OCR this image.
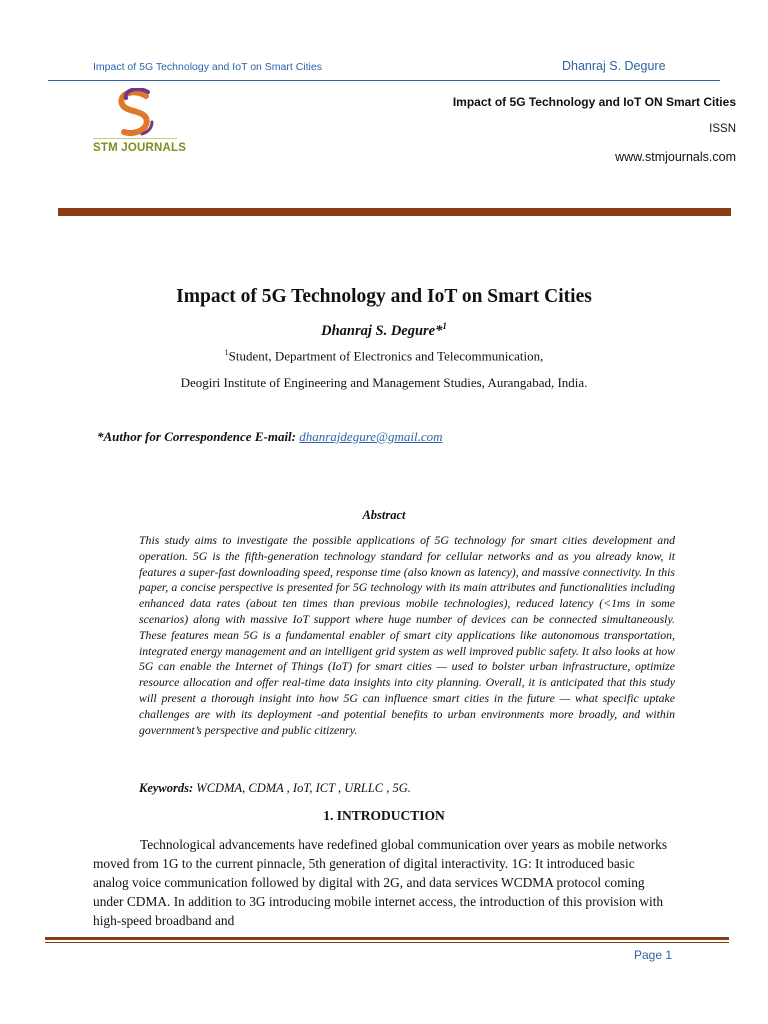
Impact of 5G Technology and IoT on Smart Cities	Dhanraj S. Degure
STM JOURNALS
Impact of 5G Technology and IoT ON Smart Cities
ISSN
www.stmjournals.com
Impact of 5G Technology and IoT on Smart Cities
Dhanraj S. Degure*$^1$
$^1$Student, Department of Electronics and Telecommunication,
Deogiri Institute of Engineering and Management Studies, Aurangabad, India.
*Author for Correspondence E-mail: dhanrajdegure@gmail.com
Abstract
This study aims to investigate the possible applications of 5G technology for smart cities development and operation. 5G is the fifth-generation technology standard for cellular networks and as you already know, it features a super-fast downloading speed, response time (also known as latency), and massive connectivity. In this paper, a concise perspective is presented for 5G technology with its main attributes and functionalities including enhanced data rates (about ten times than previous mobile technologies), reduced latency (<1ms in some scenarios) along with massive IoT support where huge number of devices can be connected simultaneously. These features mean 5G is a fundamental enabler of smart city applications like autonomous transportation, integrated energy management and an intelligent grid system as well improved public safety. It also looks at how 5G can enable the Internet of Things (IoT) for smart cities — used to bolster urban infrastructure, optimize resource allocation and offer real-time data insights into city planning. Overall, it is anticipated that this study will present a thorough insight into how 5G can influence smart cities in the future — what specific uptake challenges are with its deployment -and potential benefits to urban environments more broadly, and within government’s perspective and public citizenry.
Keywords: WCDMA, CDMA , IoT, ICT , URLLC , 5G.
1. INTRODUCTION
Technological advancements have redefined global communication over years as mobile networks moved from 1G to the current pinnacle, 5th generation of digital interactivity. 1G: It introduced basic analog voice communication followed by digital with 2G, and data services WCDMA protocol coming under CDMA. In addition to 3G introducing mobile internet access, the introduction of this provision with high-speed broadband and
Page 1
